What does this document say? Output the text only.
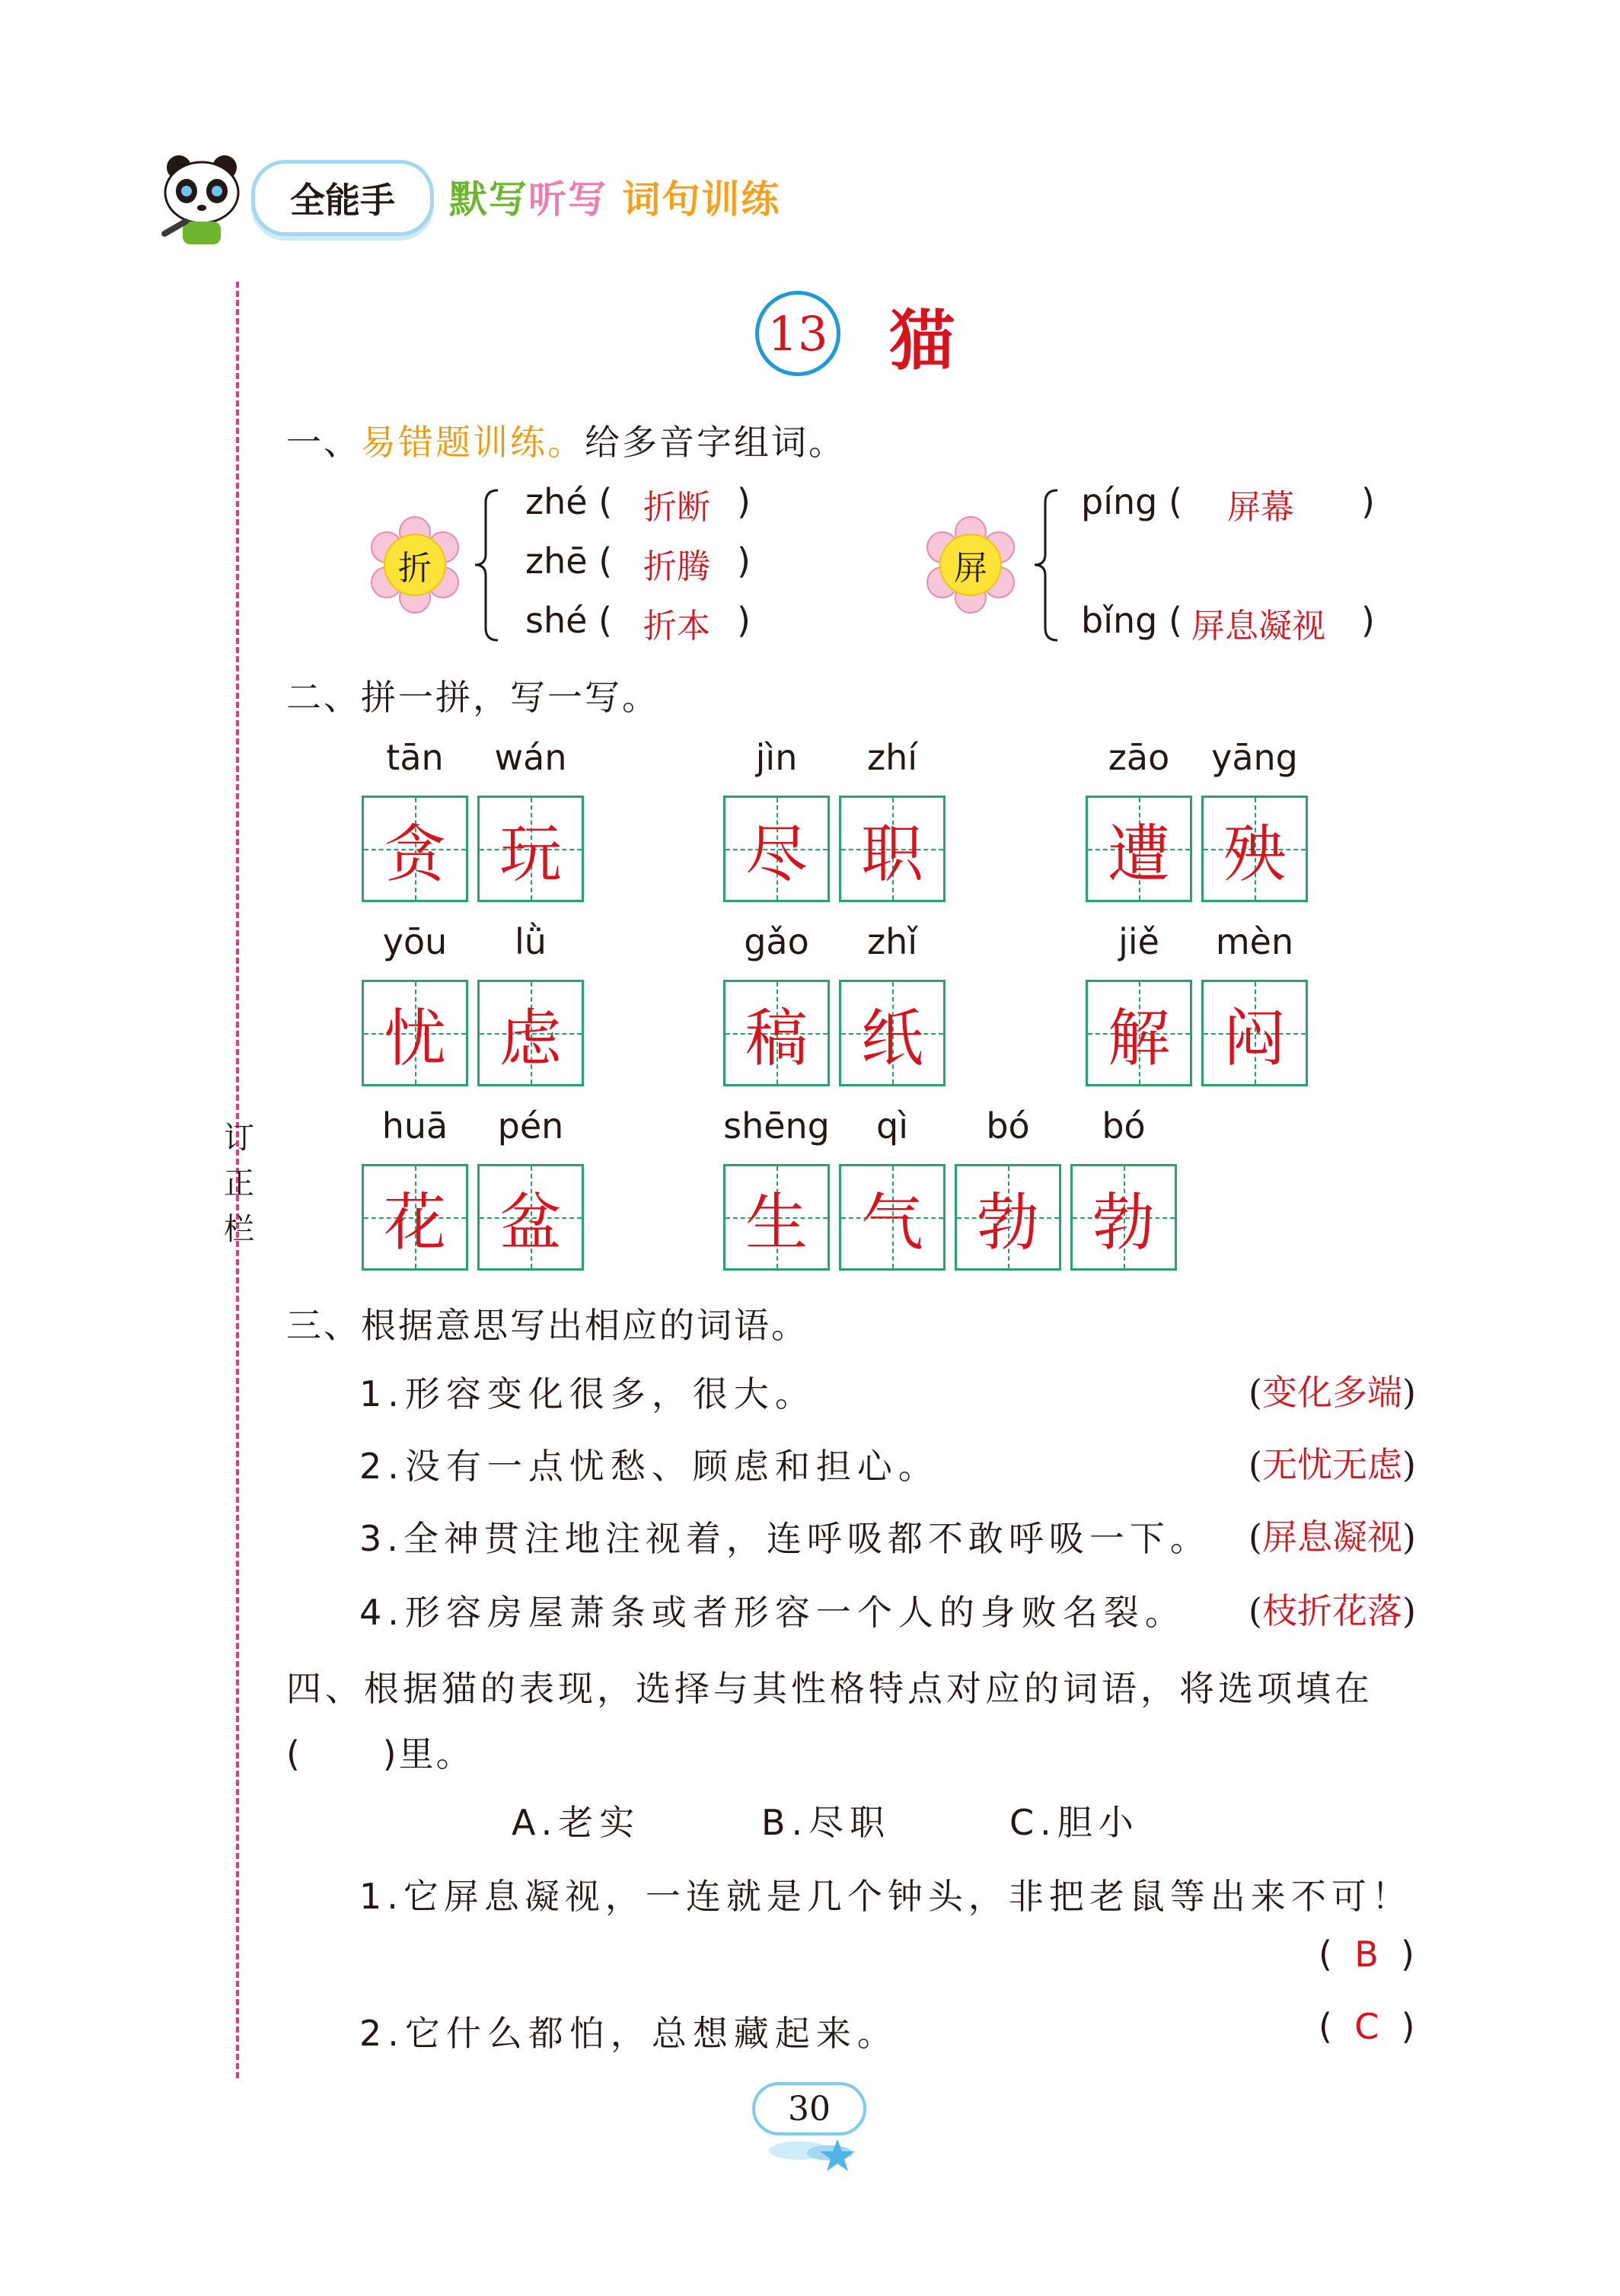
全能手 默写听写 词句训练
订正栏
13 猫
一、易错题训练。给多音字组词。
折
zhé ( 折断 )
zhē ( 折腾 )
shé ( 折本 )
屏
píng ( 屏幕 )
bǐng ( 屏息凝视 )
二、拼一拼，写一写。
tān	wán
贪 玩
jìn	zhí
尽 职
zāo	yāng
遭 殃
yōu	lǜ
忧 虑
gǎo	zhǐ
稿 纸
jiě	mèn
解 闷
huā	pén
花 盆
shēng	qì	bó	bó
生 气 勃 勃
三、根据意思写出相应的词语。
1.形容变化很多，很大。	(变化多端)
2.没有一点忧愁、顾虑和担心。	(无忧无虑)
3.全神贯注地注视着，连呼吸都不敢呼吸一下。 (屏息凝视)
4.形容房屋萧条或者形容一个人的身败名裂。 (枝折花落)
四、根据猫的表现，选择与其性格特点对应的词语，将选项填在
(      )里。
A.老实	B.尽职	C.胆小
1.它屏息凝视，一连就是几个钟头，非把老鼠等出来不可！
(  B  )
2.它什么都怕，总想藏起来。	(  C  )
30
